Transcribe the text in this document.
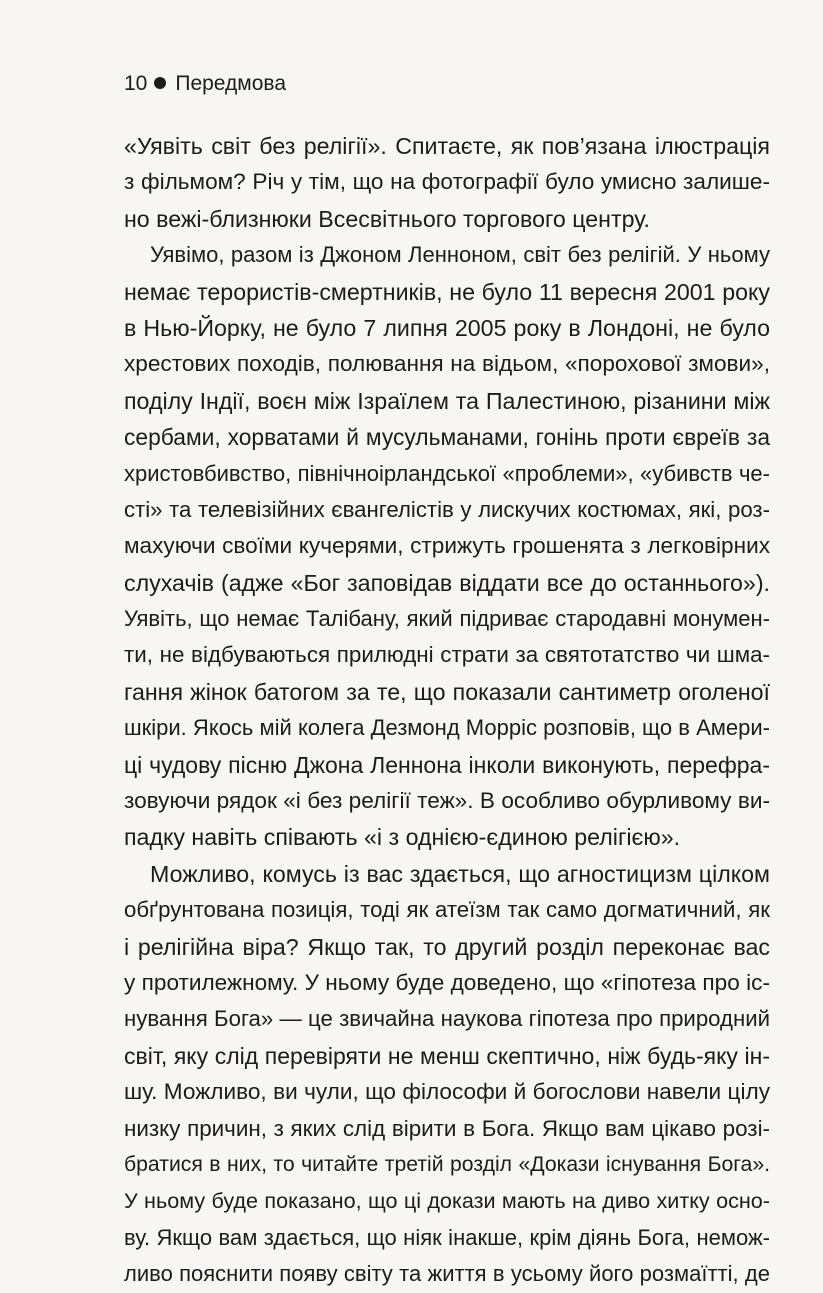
10 Передмова
«Уявіть світ без релігії». Спитаєте, як пов’язана ілюстрація
з фільмом? Річ у тім, що на фотографії було умисно залише-
но вежі-близнюки Всесвітнього торгового центру.
Уявімо, разом із Джоном Ленноном, світ без релігій. У ньому
немає терористів-смертників, не було 11 вересня 2001 року
в Нью-Йорку, не було 7 липня 2005 року в Лондоні, не було
хрестових походів, полювання на відьом, «порохової змови»,
поділу Індії, воєн між Ізраїлем та Палестиною, різанини між
сербами, хорватами й мусульманами, гонінь проти євреїв за
христовбивство, північноірландської «проблеми», «убивств че-
сті» та телевізійних євангелістів у лискучих костюмах, які, роз-
махуючи своїми кучерями, стрижуть грошенята з легковірних
слухачів (адже «Бог заповідав віддати все до останнього»).
Уявіть, що немає Талібану, який підриває стародавні монумен-
ти, не відбуваються прилюдні страти за святотатство чи шма-
гання жінок батогом за те, що показали сантиметр оголеної
шкіри. Якось мій колега Дезмонд Морріс розповів, що в Амери-
ці чудову пісню Джона Леннона інколи виконують, перефра-
зовуючи рядок «і без релігії теж». В особливо обурливому ви-
падку навіть співають «і з однією-єдиною релігією».
Можливо, комусь із вас здається, що агностицизм цілком
обґрунтована позиція, тоді як атеїзм так само догматичний, як
і релігійна віра? Якщо так, то другий розділ переконає вас
у протилежному. У ньому буде доведено, що «гіпотеза про іс-
нування Бога» — це звичайна наукова гіпотеза про природний
світ, яку слід перевіряти не менш скептично, ніж будь-яку ін-
шу. Можливо, ви чули, що філософи й богослови навели цілу
низку причин, з яких слід вірити в Бога. Якщо вам цікаво розі-
братися в них, то читайте третій розділ «Докази існування Бога».
У ньому буде показано, що ці докази мають на диво хитку осно-
ву. Якщо вам здається, що ніяк інакше, крім діянь Бога, немож-
ливо пояснити появу світу та життя в усьому його розмаїтті, де
